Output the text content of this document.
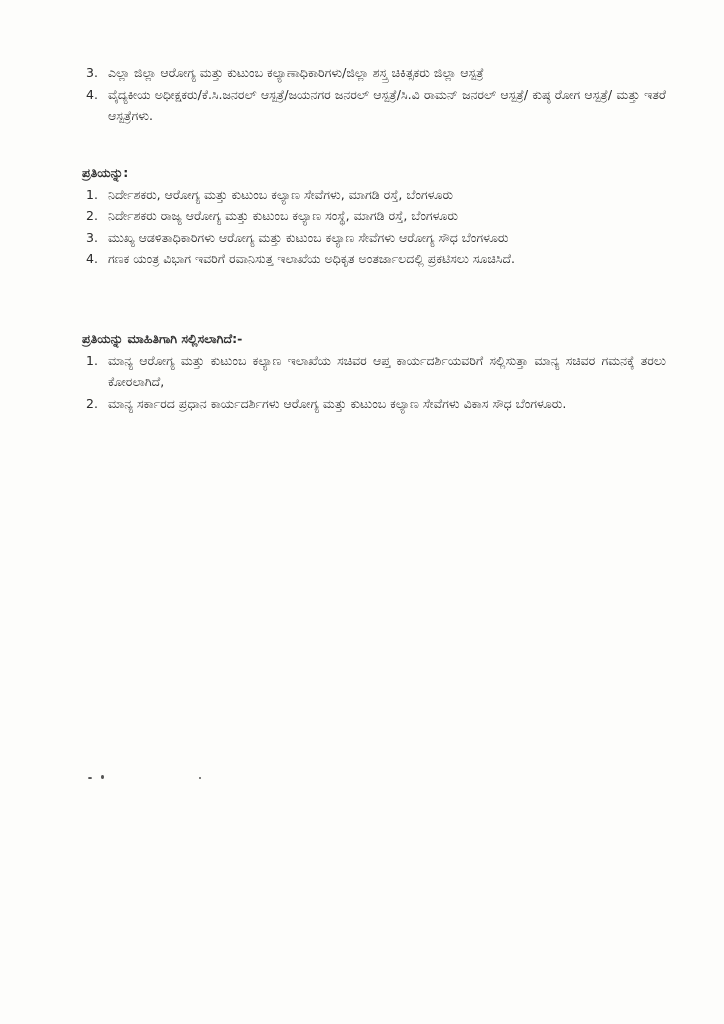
3. ಎಲ್ಲಾ ಜಿಲ್ಲಾ ಆರೋಗ್ಯ ಮತ್ತು ಕುಟುಂಬ ಕಲ್ಯಾಣಾಧಿಕಾರಿಗಳು/ಜಿಲ್ಲಾ ಶಸ್ತ್ರ ಚಿಕಿತ್ಸಕರು ಜಿಲ್ಲಾ ಆಸ್ಪತ್ರೆ
4. ವೈದ್ಯಕೀಯ ಅಧೀಕ್ಷಕರು/ಕೆ.ಸಿ.ಜನರಲ್ ಆಸ್ಪತ್ರೆ/ಜಯನಗರ ಜನರಲ್ ಆಸ್ಪತ್ರೆ/ಸಿ.ವಿ ರಾಮನ್ ಜನರಲ್ ಆಸ್ಪತ್ರೆ/ ಕುಷ್ಠ ರೋಗ ಆಸ್ಪತ್ರೆ/ ಮತ್ತು ಇತರೆ ಆಸ್ಪತ್ರೆಗಳು.
ಪ್ರತಿಯನ್ನು:
1. ನಿರ್ದೇಶಕರು, ಆರೋಗ್ಯ ಮತ್ತು ಕುಟುಂಬ ಕಲ್ಯಾಣ ಸೇವೆಗಳು, ಮಾಗಡಿ ರಸ್ತೆ, ಬೆಂಗಳೂರು
2. ನಿರ್ದೇಶಕರು ರಾಜ್ಯ ಆರೋಗ್ಯ ಮತ್ತು ಕುಟುಂಬ ಕಲ್ಯಾಣ ಸಂಸ್ಥೆ, ಮಾಗಡಿ ರಸ್ತೆ, ಬೆಂಗಳೂರು
3. ಮುಖ್ಯ ಆಡಳಿತಾಧಿಕಾರಿಗಳು ಆರೋಗ್ಯ ಮತ್ತು ಕುಟುಂಬ ಕಲ್ಯಾಣ ಸೇವೆಗಳು ಆರೋಗ್ಯ ಸೌಧ ಬೆಂಗಳೂರು
4. ಗಣಕ ಯಂತ್ರ ವಿಭಾಗ ಇವರಿಗೆ ರವಾನಿಸುತ್ತ ಇಲಾಖೆಯ ಅಧಿಕೃತ ಅಂತರ್ಜಾಲದಲ್ಲಿ ಪ್ರಕಟಿಸಲು ಸೂಚಿಸಿದೆ.
ಪ್ರತಿಯನ್ನು ಮಾಹಿತಿಗಾಗಿ ಸಲ್ಲಿಸಲಾಗಿದೆ:-
1. ಮಾನ್ಯ ಆರೋಗ್ಯ ಮತ್ತು ಕುಟುಂಬ ಕಲ್ಯಾಣ ಇಲಾಖೆಯ ಸಚಿವರ ಆಪ್ತ ಕಾರ್ಯದರ್ಶಿಯವರಿಗೆ ಸಲ್ಲಿಸುತ್ತಾ ಮಾನ್ಯ ಸಚಿವರ ಗಮನಕ್ಕೆ ತರಲು ಕೋರಲಾಗಿದೆ,
2. ಮಾನ್ಯ ಸರ್ಕಾರದ ಪ್ರಧಾನ ಕಾರ್ಯದರ್ಶಿಗಳು ಆರೋಗ್ಯ ಮತ್ತು ಕುಟುಂಬ ಕಲ್ಯಾಣ ಸೇವೆಗಳು ವಿಕಾಸ ಸೌಧ ಬೆಂಗಳೂರು.
